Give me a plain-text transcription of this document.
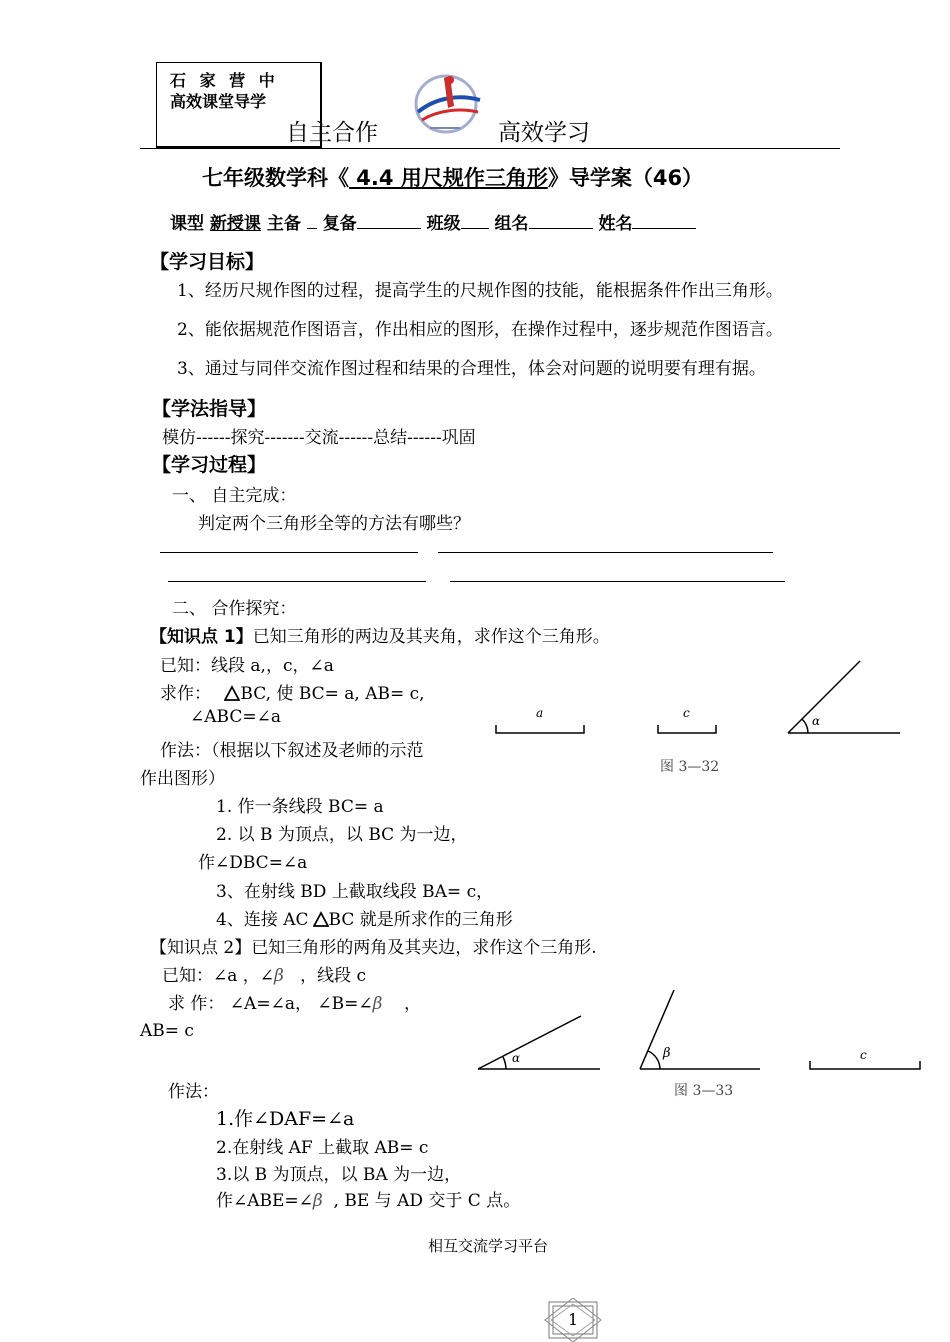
石 家 营 中
高效课堂导学
自主合作	高效学习
七年级数学科《 4.4 用尺规作三角形》导学案（46）
课型 新授课 主备 复备	班级 组名	姓名
【学习目标】
1、经历尺规作图的过程，提高学生的尺规作图的技能，能根据条件作出三角形。
2、能依据规范作图语言，作出相应的图形，在操作过程中，逐步规范作图语言。
3、通过与同伴交流作图过程和结果的合理性，体会对问题的说明要有理有据。
【学法指导】
模仿------探究-------交流------总结------巩固
【学习过程】
一、 自主完成：
判定两个三角形全等的方法有哪些？
二、 合作探究：
【知识点 1】已知三角形的两边及其夹角，求作这个三角形。
已知：线段 a,，c，∠a
求作： BC, 使 BC= a, AB= c,
∠ABC=∠a
作法：（根据以下叙述及老师的示范
作出图形）
1. 作一条线段 BC= a
2. 以 B 为顶点，以 BC 为一边，
作∠DBC=∠a
3、在射线 BD 上截取线段 BA= c，
4、连接 AC BC 就是所求作的三角形
a	c
α
图 3—32
【知识点 2】已知三角形的两角及其夹边，求作这个三角形.
已知：∠a ，∠β   ，线段 c
求 作： ∠A=∠a， ∠B=∠β    ，
AB= c
作法：
1.作∠DAF=∠a
2.在射线 AF 上截取 AB= c
3.以 B 为顶点，以 BA 为一边，
作∠ABE=∠β  , BE 与 AD 交于 C 点。
α	β	c
图 3—33
相互交流学习平台
1
